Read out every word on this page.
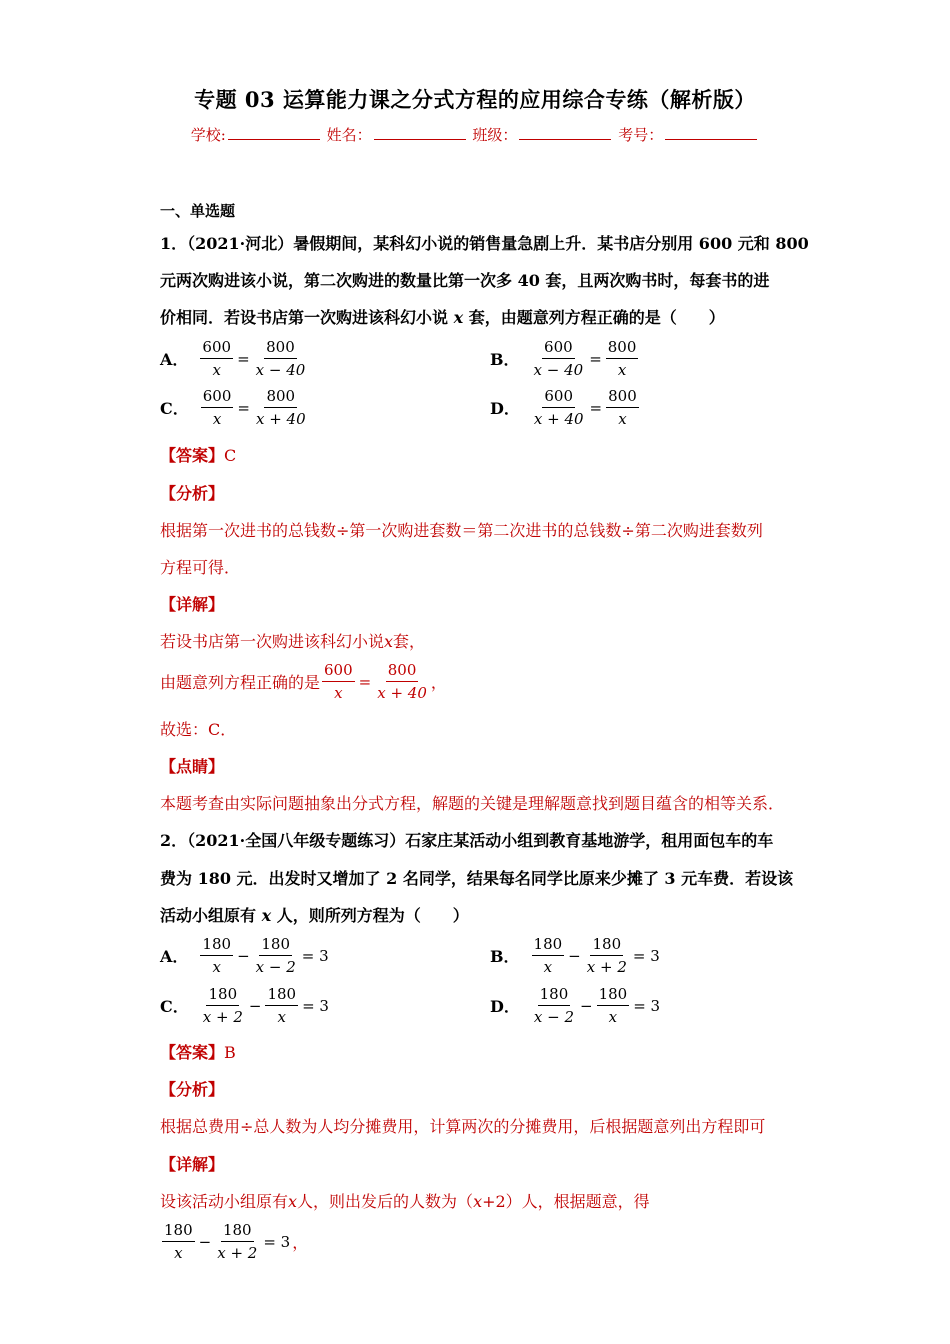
专题 03 运算能力课之分式方程的应用综合专练（解析版）
学校:	姓名：	班级：	考号：
一、单选题
1．（2021·河北）暑假期间，某科幻小说的销售量急剧上升．某书店分别用 600 元和 800
元两次购进该小说，第二次购进的数量比第一次多 40 套，且两次购书时，每套书的进
价相同．若设书店第一次购进该科幻小说 x 套，由题意列方程正确的是（　　）
A． $\frac{600}{x} = \frac{800}{x - 40}$	B． $\frac{600}{x - 40} = \frac{800}{x}$
C． $\frac{600}{x} = \frac{800}{x + 40}$	D． $\frac{600}{x + 40} = \frac{800}{x}$
【答案】C
【分析】
根据第一次进书的总钱数÷第一次购进套数＝第二次进书的总钱数÷第二次购进套数列
方程可得．
【详解】
若设书店第一次购进该科幻小说x套，
由题意列方程正确的是 $\frac{600}{x} = \frac{800}{x + 40}$ ，
故选：C．
【点睛】
本题考查由实际问题抽象出分式方程，解题的关键是理解题意找到题目蕴含的相等关系．
2．（2021·全国八年级专题练习）石家庄某活动小组到教育基地游学，租用面包车的车
费为 180 元．出发时又增加了 2 名同学，结果每名同学比原来少摊了 3 元车费．若设该
活动小组原有 x 人，则所列方程为（　　）
A． $\frac{180}{x} - \frac{180}{x - 2} = 3$	B． $\frac{180}{x} - \frac{180}{x + 2} = 3$
C． $\frac{180}{x + 2} - \frac{180}{x} = 3$	D． $\frac{180}{x - 2} - \frac{180}{x} = 3$
【答案】B
【分析】
根据总费用÷总人数为人均分摊费用，计算两次的分摊费用，后根据题意列出方程即可
【详解】
设该活动小组原有x人，则出发后的人数为（x+2）人，根据题意，得
$\frac{180}{x} - \frac{180}{x + 2} = 3$ ，
